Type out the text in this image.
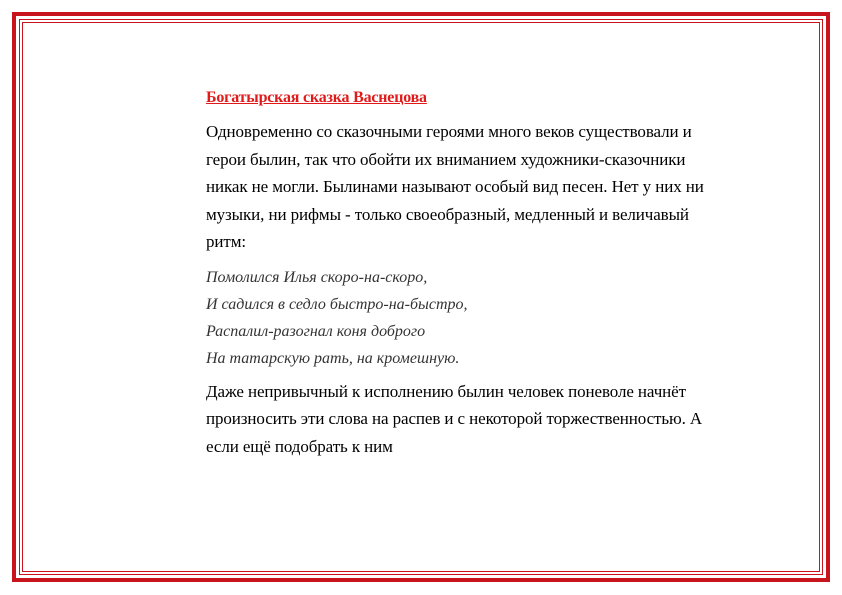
Богатырская сказка Васнецова

Одновременно со сказочными героями много веков существовали и герои былин, так что обойти их вниманием художники-сказочники никак не могли. Былинами называют особый вид песен. Нет у них ни музыки, ни рифмы - только своеобразный, медленный и величавый ритм:

Помолился Илья скоро-на-скоро,
И садился в седло быстро-на-быстро,
Распалил-разогнал коня доброго
На татарскую рать, на кромешную.

Даже непривычный к исполнению былин человек поневоле начнёт произносить эти слова на распев и с некоторой торжественностью. А если ещё подобрать к ним
